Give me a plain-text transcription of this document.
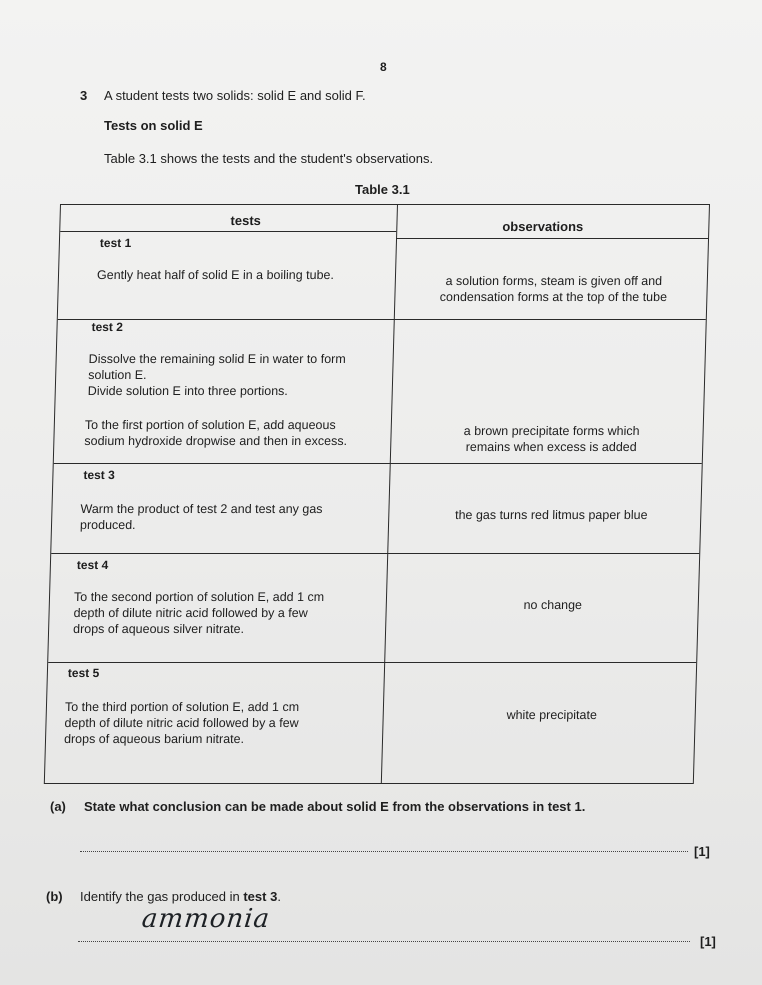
8
3 A student tests two solids: solid E and solid F.
Tests on solid E
Table 3.1 shows the tests and the student's observations.
Table 3.1
tests	observations
test 1
Gently heat half of solid E in a boiling tube.	a solution forms, steam is given off and
condensation forms at the top of the tube
test 2
Dissolve the remaining solid E in water to form
solution E.
Divide solution E into three portions.
To the first portion of solution E, add aqueous
sodium hydroxide dropwise and then in excess.
a brown precipitate forms which
remains when excess is added
test 3
Warm the product of test 2 and test any gas
produced.
the gas turns red litmus paper blue
test 4
To the second portion of solution E, add 1 cm
depth of dilute nitric acid followed by a few
drops of aqueous silver nitrate.
no change
test 5
To the third portion of solution E, add 1 cm
depth of dilute nitric acid followed by a few
drops of aqueous barium nitrate.
white precipitate
(a) State what conclusion can be made about solid E from the observations in test 1.
[1]
(b) Identify the gas produced in test 3.
ammonia
[1]
